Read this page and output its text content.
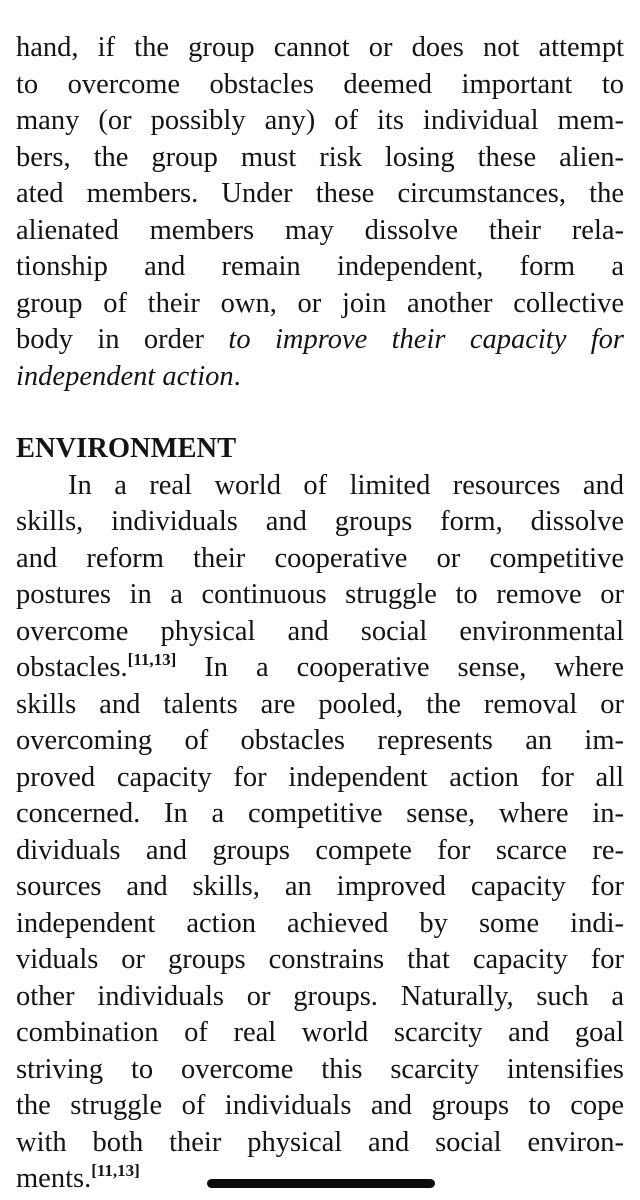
hand, if the group cannot or does not attempt
to overcome obstacles deemed important to
many (or possibly any) of its individual mem-
bers, the group must risk losing these alien-
ated members. Under these circumstances, the
alienated members may dissolve their rela-
tionship and remain independent, form a
group of their own, or join another collective
body in order to improve their capacity for
independent action.
ENVIRONMENT
In a real world of limited resources and
skills, individuals and groups form, dissolve
and reform their cooperative or competitive
postures in a continuous struggle to remove or
overcome physical and social environmental
obstacles.[11,13] In a cooperative sense, where
skills and talents are pooled, the removal or
overcoming of obstacles represents an im-
proved capacity for independent action for all
concerned. In a competitive sense, where in-
dividuals and groups compete for scarce re-
sources and skills, an improved capacity for
independent action achieved by some indi-
viduals or groups constrains that capacity for
other individuals or groups. Naturally, such a
combination of real world scarcity and goal
striving to overcome this scarcity intensifies
the struggle of individuals and groups to cope
with both their physical and social environ-
ments.[11,13]
